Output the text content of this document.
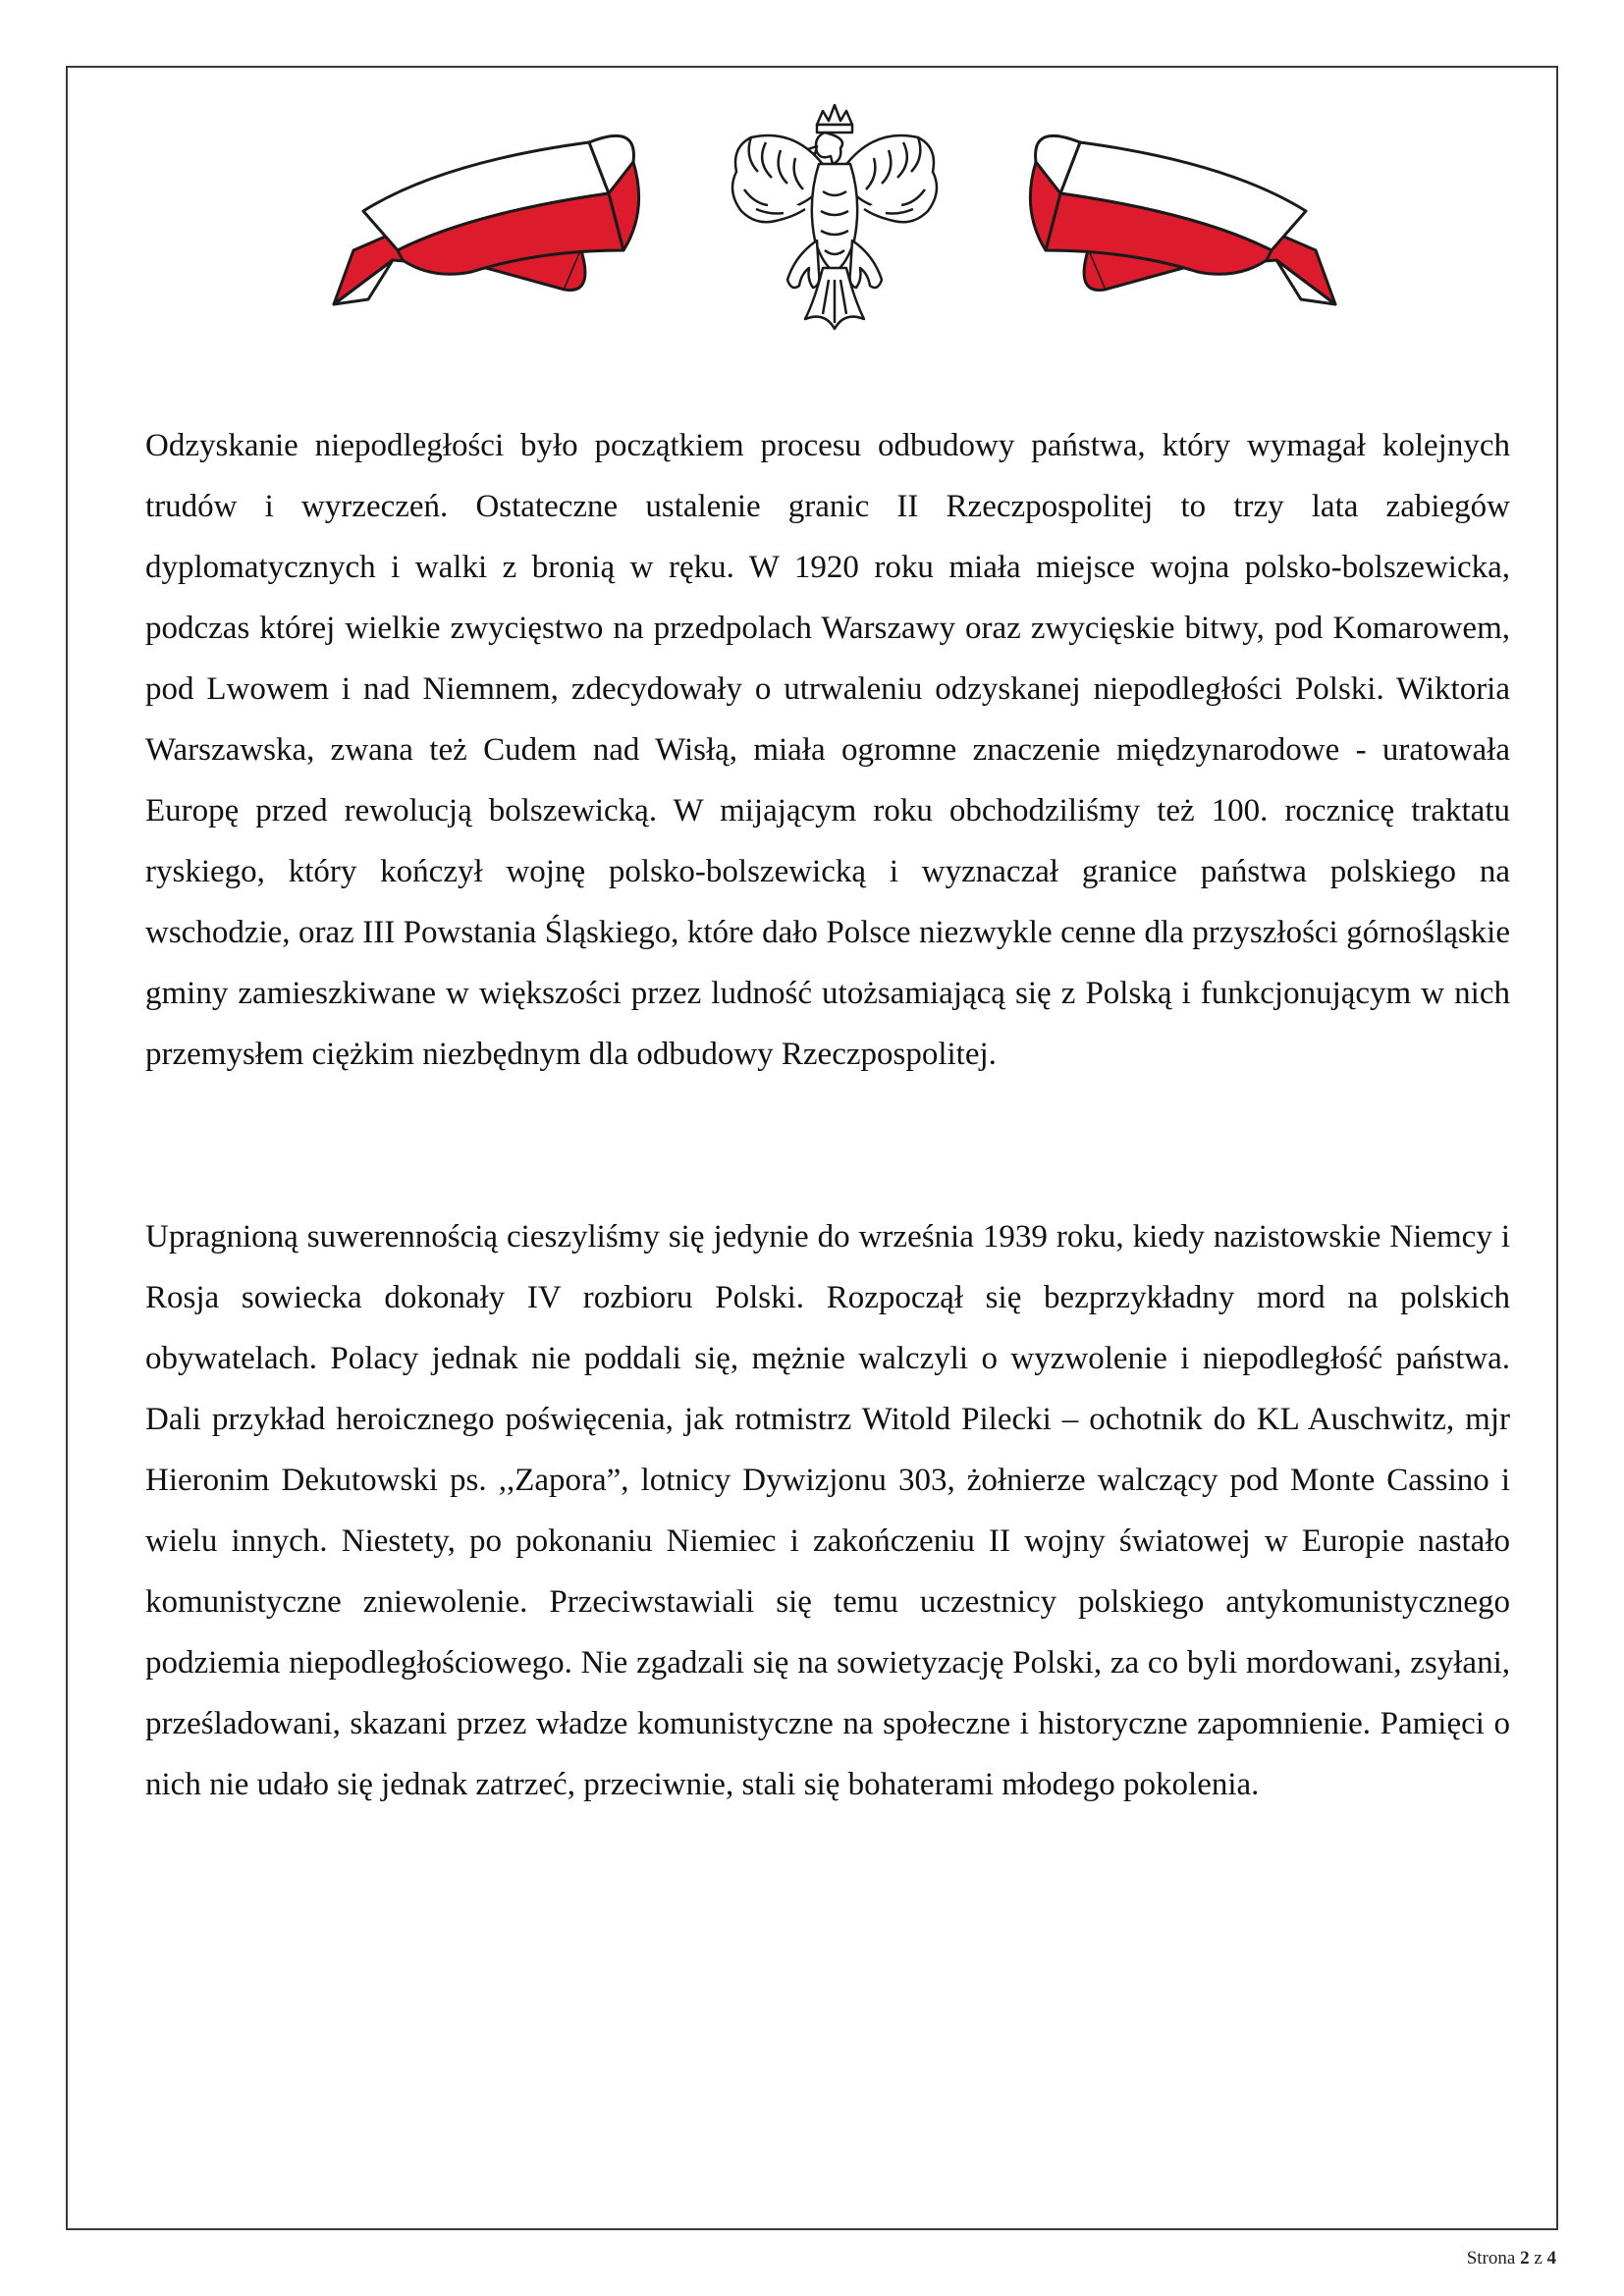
Odzyskanie niepodległości było początkiem procesu odbudowy państwa, który wymagał kolejnych trudów i wyrzeczeń. Ostateczne ustalenie granic II Rzeczpospolitej to trzy lata zabiegów dyplomatycznych i walki z bronią w ręku. W 1920 roku miała miejsce wojna polsko-bolszewicka, podczas której wielkie zwycięstwo na przedpolach Warszawy oraz zwycięskie bitwy, pod Komarowem, pod Lwowem i nad Niemnem, zdecydowały o utrwaleniu odzyskanej niepodległości Polski. Wiktoria Warszawska, zwana też Cudem nad Wisłą, miała ogromne znaczenie międzynarodowe - uratowała Europę przed rewolucją bolszewicką. W mijającym roku obchodziliśmy też 100. rocznicę traktatu ryskiego, który kończył wojnę polsko-bolszewicką i wyznaczał granice państwa polskiego na wschodzie, oraz III Powstania Śląskiego, które dało Polsce niezwykle cenne dla przyszłości górnośląskie gminy zamieszkiwane w większości przez ludność utożsamiającą się z Polską i funkcjonującym w nich przemysłem ciężkim niezbędnym dla odbudowy Rzeczpospolitej.

Upragnioną suwerennością cieszyliśmy się jedynie do września 1939 roku, kiedy nazistowskie Niemcy i Rosja sowiecka dokonały IV rozbioru Polski. Rozpoczął się bezprzykładny mord na polskich obywatelach. Polacy jednak nie poddali się, mężnie walczyli o wyzwolenie i niepodległość państwa. Dali przykład heroicznego poświęcenia, jak rotmistrz Witold Pilecki – ochotnik do KL Auschwitz, mjr Hieronim Dekutowski ps. ,,Zapora”, lotnicy Dywizjonu 303, żołnierze walczący pod Monte Cassino i wielu innych. Niestety, po pokonaniu Niemiec i zakończeniu II wojny światowej w Europie nastało komunistyczne zniewolenie. Przeciwstawiali się temu uczestnicy polskiego antykomunistycznego podziemia niepodległościowego. Nie zgadzali się na sowietyzację Polski, za co byli mordowani, zsyłani, prześladowani, skazani przez władze komunistyczne na społeczne i historyczne zapomnienie. Pamięci o nich nie udało się jednak zatrzeć, przeciwnie, stali się bohaterami młodego pokolenia.

Strona 2 z 4
